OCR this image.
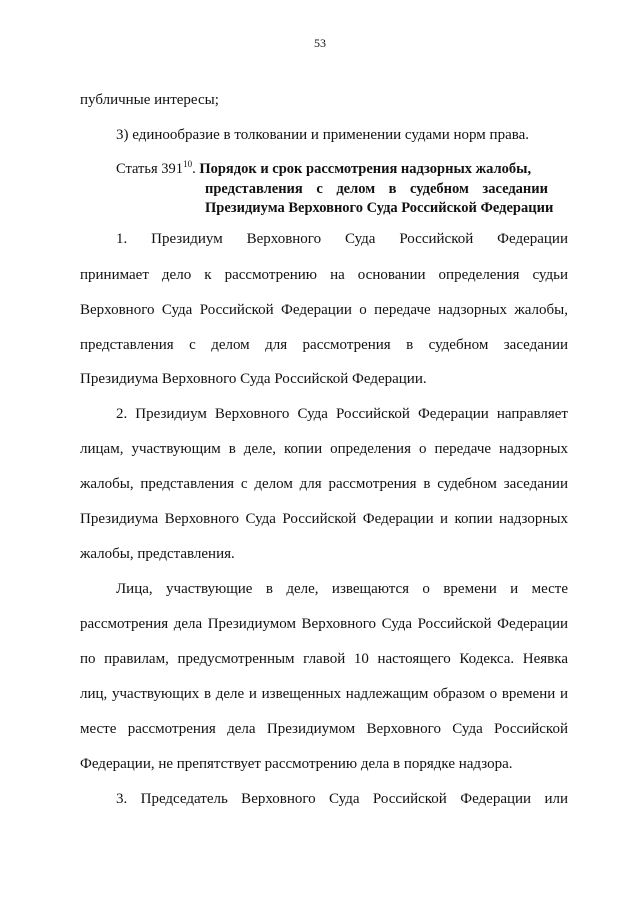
53
публичные интересы;
3) единообразие в толковании и применении судами норм права.
Статья $391^{10}$. Порядок и срок рассмотрения надзорных жалобы,
представления с делом в судебном заседании
Президиума Верховного Суда Российской Федерации
1. Президиум Верховного Суда Российской Федерации
принимает дело к рассмотрению на основании определения судьи
Верховного Суда Российской Федерации о передаче надзорных жалобы,
представления с делом для рассмотрения в судебном заседании
Президиума Верховного Суда Российской Федерации.
2. Президиум Верховного Суда Российской Федерации направляет
лицам, участвующим в деле, копии определения о передаче надзорных
жалобы, представления с делом для рассмотрения в судебном заседании
Президиума Верховного Суда Российской Федерации и копии надзорных
жалобы, представления.
Лица, участвующие в деле, извещаются о времени и месте
рассмотрения дела Президиумом Верховного Суда Российской Федерации
по правилам, предусмотренным главой 10 настоящего Кодекса. Неявка
лиц, участвующих в деле и извещенных надлежащим образом о времени и
месте рассмотрения дела Президиумом Верховного Суда Российской
Федерации, не препятствует рассмотрению дела в порядке надзора.
3. Председатель Верховного Суда Российской Федерации или
